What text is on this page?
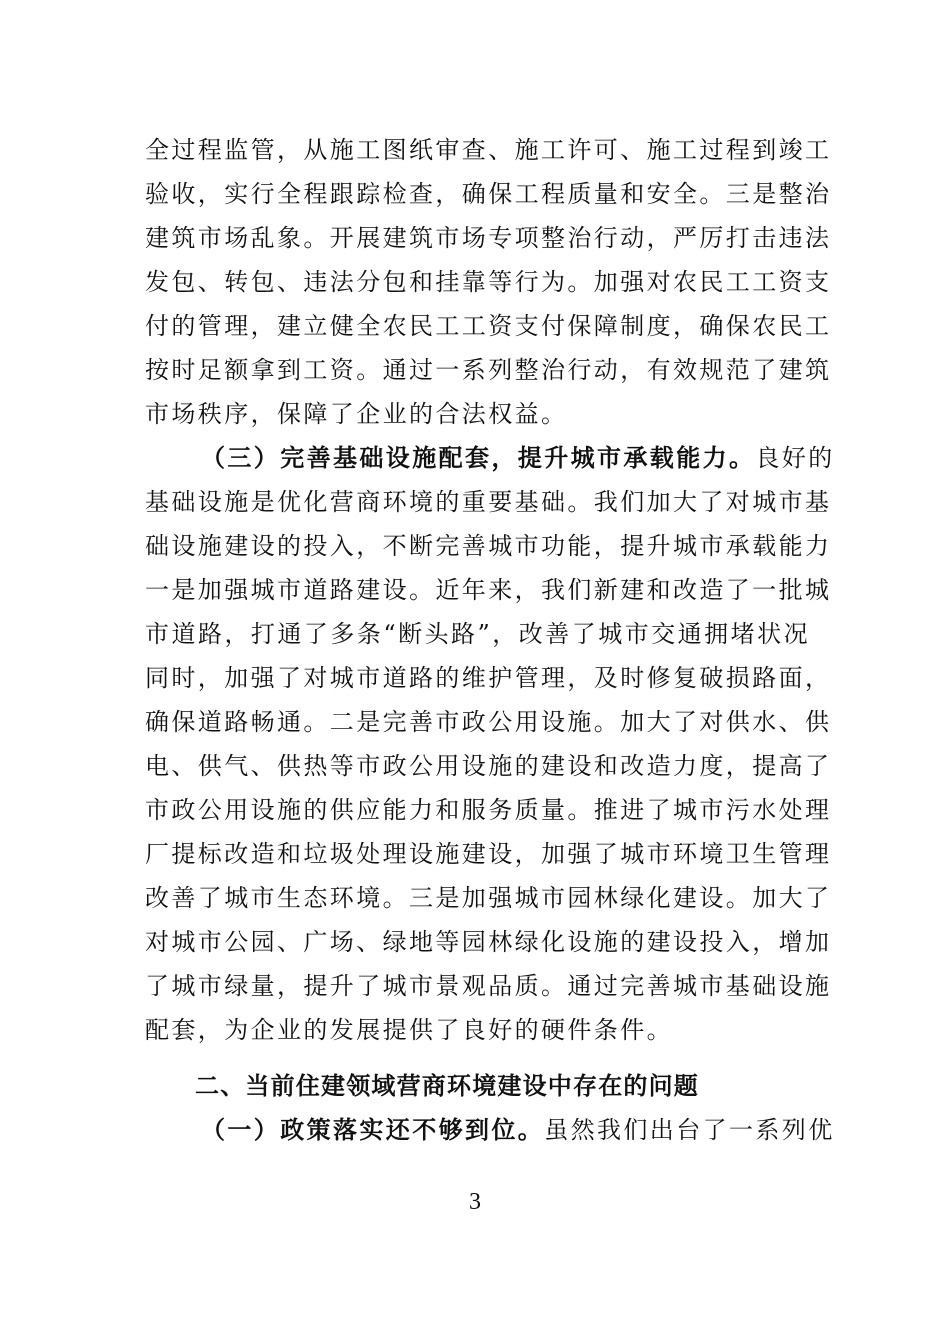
全过程监管，从施工图纸审查、施工许可、施工过程到竣工
验收，实行全程跟踪检查，确保工程质量和安全。三是整治
建筑市场乱象。开展建筑市场专项整治行动，严厉打击违法
发包、转包、违法分包和挂靠等行为。加强对农民工工资支
付的管理，建立健全农民工工资支付保障制度，确保农民工
按时足额拿到工资。通过一系列整治行动，有效规范了建筑
市场秩序，保障了企业的合法权益。
（三）完善基础设施配套，提升城市承载能力。良好的
基础设施是优化营商环境的重要基础。我们加大了对城市基
础设施建设的投入，不断完善城市功能，提升城市承载能力
一是加强城市道路建设。近年来，我们新建和改造了一批城
市道路，打通了多条“断头路”，改善了城市交通拥堵状况
同时，加强了对城市道路的维护管理，及时修复破损路面，
确保道路畅通。二是完善市政公用设施。加大了对供水、供
电、供气、供热等市政公用设施的建设和改造力度，提高了
市政公用设施的供应能力和服务质量。推进了城市污水处理
厂提标改造和垃圾处理设施建设，加强了城市环境卫生管理
改善了城市生态环境。三是加强城市园林绿化建设。加大了
对城市公园、广场、绿地等园林绿化设施的建设投入，增加
了城市绿量，提升了城市景观品质。通过完善城市基础设施
配套，为企业的发展提供了良好的硬件条件。
二、当前住建领域营商环境建设中存在的问题
（一）政策落实还不够到位。虽然我们出台了一系列优
3
